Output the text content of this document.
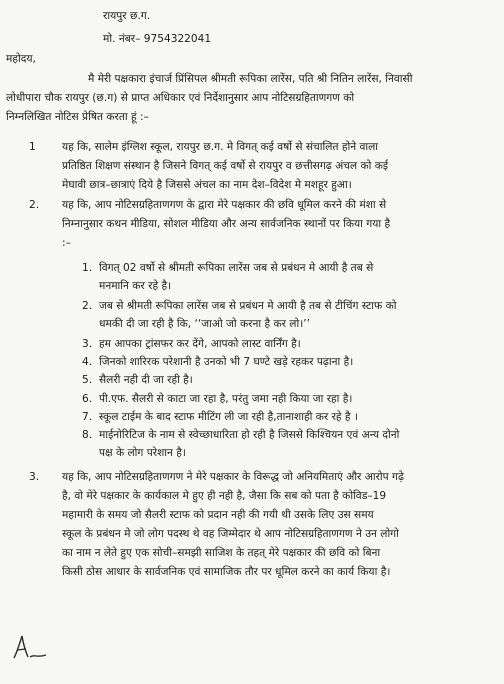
रायपुर छ.ग.
मो. नंबर– 9754322041
महोदय,
मै मेरी पक्षकारा इंचार्ज प्रिंसिपल श्रीमती रूपिका लारेंस, पति श्री नितिन लारेंस, निवासी
लोधीपारा चौक रायपुर (छ.ग) से प्राप्त अधिकार एवं निर्देशानुसार आप नोटिसग्रहिताणगण को
निम्नलिखित नोटिस प्रेषित करता हूं :–
1 यह कि, सालेम इंग्लिश स्कूल, रायपुर छ.ग. मे विगत् कई वर्षो से संचालित होने वाला
प्रतिष्ठित शिक्षण संस्थान है जिसने विगत् कई वर्षो से रायपुर व छत्तीसगढ़ अंचल को कई
मेघावी छात्र–छात्राएं दिये है जिससे अंचल का नाम देश–विदेश मे मशहूर हुआ।
2. यह कि, आप नोटिसग्रहिताणगण के द्वारा मेरे पक्षकार की छवि धूमिल करने की मंशा से
निम्नानुसार कथन मीडिया, सोशल मीडिया और अन्य सार्वजनिक स्थानों पर किया गया है
:–
1. विगत् 02 वर्षो से श्रीमती रूपिका लारेंस जब से प्रबंधन मे आयी है तब से
मनमानि कर रहे है।
2. जब से श्रीमती रूपिका लारेंस जब से प्रबंधन मे आयी है तब से टीचिंग स्टाफ को
धमकी दी जा रही है कि, ‘‘जाओ जो करना है कर लो।’’
3. हम आपका ट्रांसफर कर देंगे, आपको लास्ट वार्निंग है।
4. जिनको शारिरक परेशानी है उनको भी 7 घण्टे खड़े रहकर पढ़ाना है।
5. सैलरी नही दी जा रही है।
6. पी.एफ. सैलरी से काटा जा रहा है, परंतु जमा नही किया जा रहा है।
7. स्कूल टाईम के बाद स्टाफ मीटिंग ली जा रही है,तानाशाही कर रहे है ।
8. माईनोरिटिज के नाम से स्वेच्छाधारिता हो रही है जिससे किश्चियन एवं अन्य दोनो
पक्ष के लोग परेशान है।
3. यह कि, आप नोटिसग्रहिताणगण ने मेरे पक्षकार के विरूद्ध जो अनियमिताएं और आरोप गढ़े
है, वो मेरे पक्षकार के कार्यकाल मे हुए ही नही है, जैसा कि सब को पता है कोविड–19
महामारी के समय जो सैलरी स्टाफ को प्रदान नही की गयी थी उसके लिए उस समय
स्कूल के प्रबंधन मे जो लोग पदस्थ थे वह जिम्मेदार थे आप नोटिसग्रहिताणगण ने उन लोगो
का नाम न लेते हुए एक सोची–समझी साजिश के तहत् मेरे पक्षकार की छवि को बिना
किसी ठोस आधार के सार्वजनिक एवं सामाजिक तौर पर धूमिल करने का कार्य किया है।
